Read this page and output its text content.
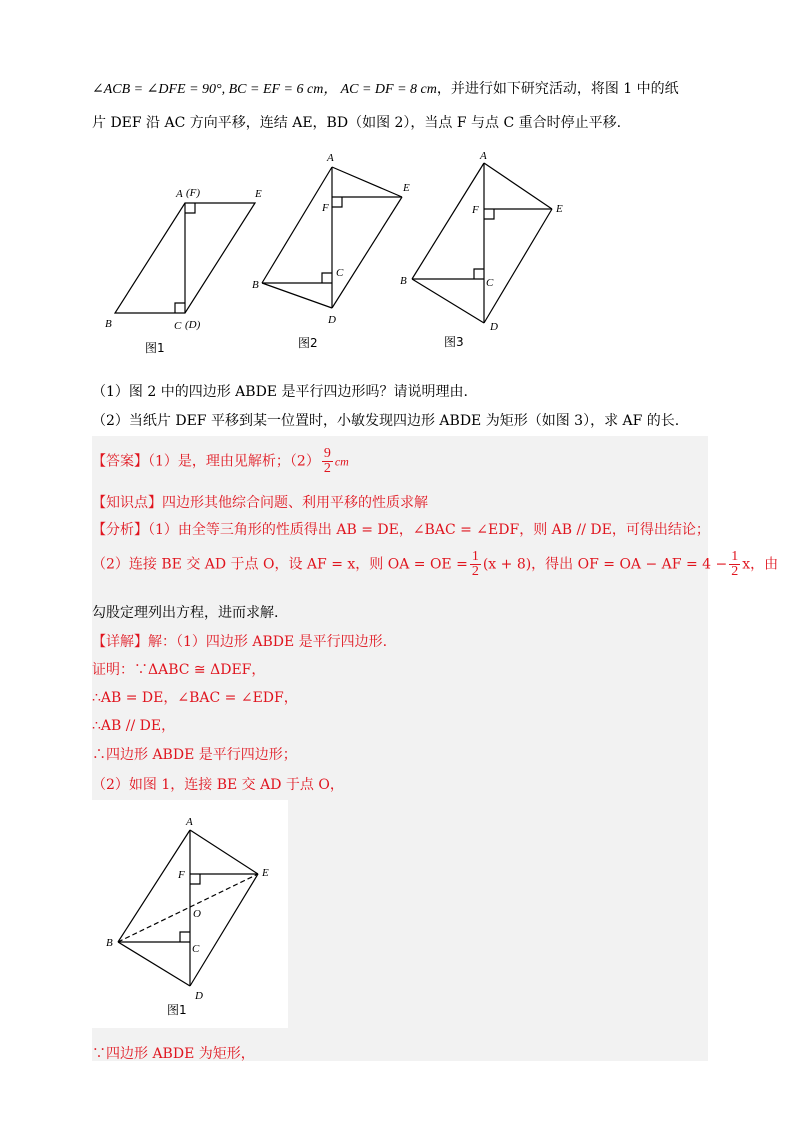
∠ACB = ∠DFE = 90°, BC = EF = 6 cm， AC = DF = 8 cm，并进行如下研究活动，将图 1 中的纸
片 DEF 沿 AC 方向平移，连结 AE，BD（如图 2），当点 F 与点 C 重合时停止平移.
A (F)	E
B	C (D)
图1
A
E
F
B
C
D
图2
A
E
F
B	C
D
图3
（1）图 2 中的四边形 ABDE 是平行四边形吗？请说明理由.
（2）当纸片 DEF 平移到某一位置时，小敏发现四边形 ABDE 为矩形（如图 3），求 AF 的长.
【答案】（1）是，理由见解析；$(2) \frac{9}{2}$ cm
【知识点】四边形其他综合问题、利用平移的性质求解
【分析】（1）由全等三角形的性质得出 AB = DE，∠BAC = ∠EDF，则 AB // DE，可得出结论；
（2）连接 BE 交 AD 于点 O，设 AF = x，则 OA = OE = $\frac{1}{2} (x + 8)$，得出 OF = OA − AF = $4 - \frac{1}{2}$ x，由
勾股定理列出方程，进而求解.
【详解】解：（1）四边形 ABDE 是平行四边形.
证明：∵ΔABC ≅ ΔDEF，
∴AB = DE，∠BAC = ∠EDF，
∴AB // DE，
∴四边形 ABDE 是平行四边形；
（2）如图 1，连接 BE 交 AD 于点 O，
A
E
F
O
B	C
D
图1
∵四边形 ABDE 为矩形，
